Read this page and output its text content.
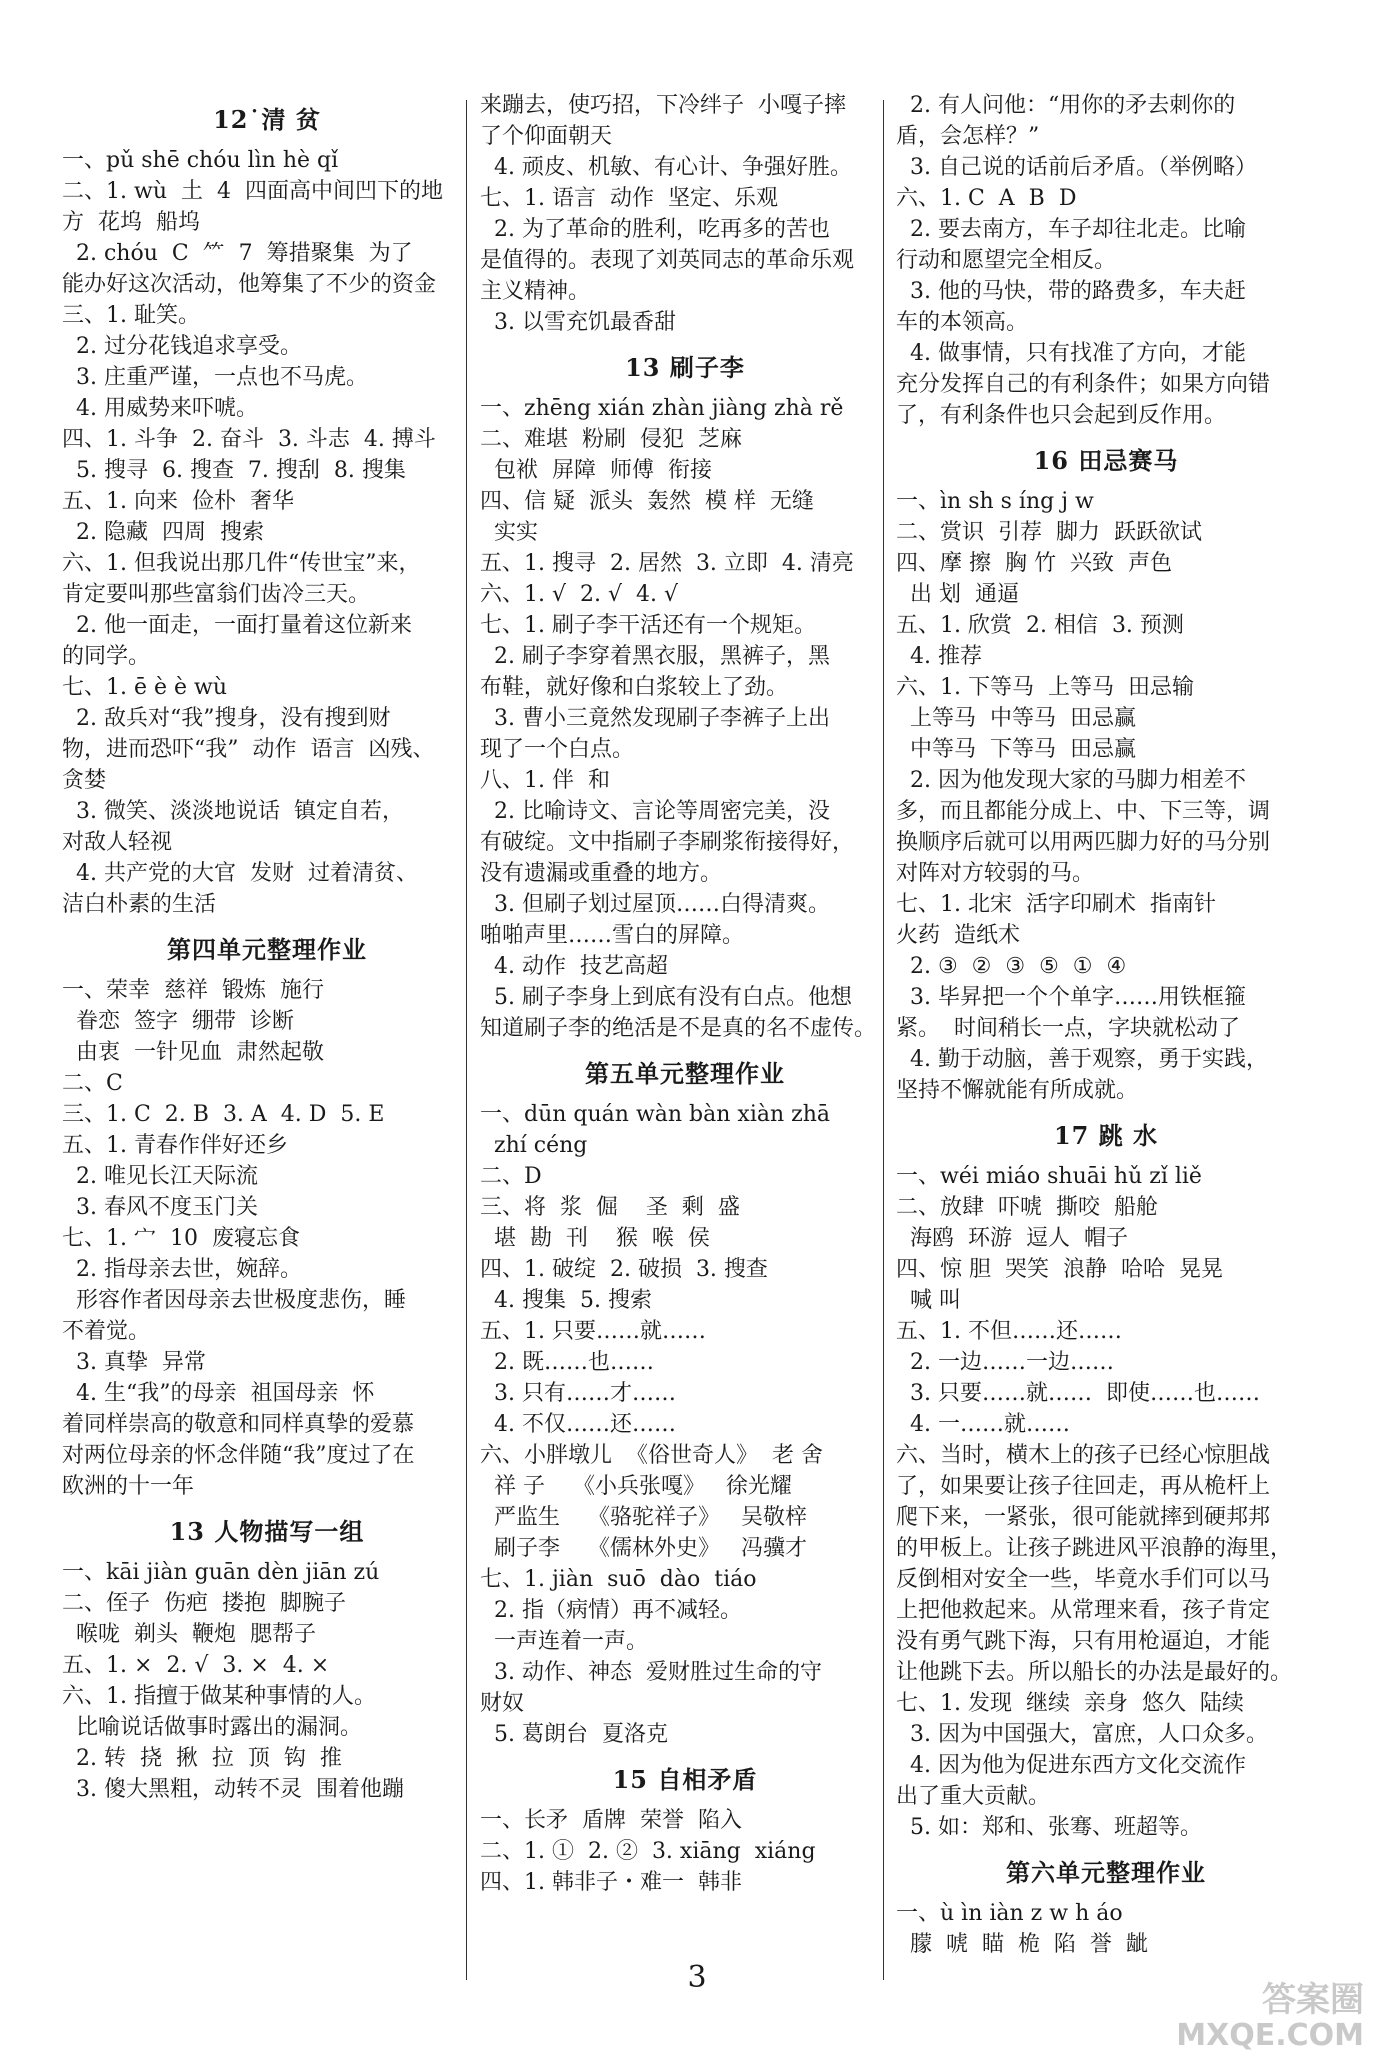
12˙清 贫
一、pǔ shē chóu lìn hè qǐ
二、1. wù  土  4  四面高中间凹下的地
方  花坞  船坞
2. chóu  C  ⺮  7  筹措聚集  为了
能办好这次活动，他筹集了不少的资金
三、1. 耻笑。
2. 过分花钱追求享受。
3. 庄重严谨，一点也不马虎。
4. 用威势来吓唬。
四、1. 斗争  2. 奋斗  3. 斗志  4. 搏斗
5. 搜寻  6. 搜查  7. 搜刮  8. 搜集
五、1. 向来  俭朴  奢华
2. 隐藏  四周  搜索
六、1. 但我说出那几件“传世宝”来，
肯定要叫那些富翁们齿冷三天。
2. 他一面走，一面打量着这位新来
的同学。
七、1. ē è è wù
2. 敌兵对“我”搜身，没有搜到财
物，进而恐吓“我”  动作  语言  凶残、
贪婪
3. 微笑、淡淡地说话  镇定自若，
对敌人轻视
4. 共产党的大官  发财  过着清贫、
洁白朴素的生活
第四单元整理作业
一、荣幸  慈祥  锻炼  施行
眷恋  签字  绷带  诊断
由衷  一针见血  肃然起敬
二、C
三、1. C  2. B  3. A  4. D  5. E
五、1. 青春作伴好还乡
2. 唯见长江天际流
3. 春风不度玉门关
七、1. 宀  10  废寝忘食
2. 指母亲去世，婉辞。
形容作者因母亲去世极度悲伤，睡
不着觉。
3. 真挚  异常
4. 生“我”的母亲  祖国母亲  怀
着同样崇高的敬意和同样真挚的爱慕
对两位母亲的怀念伴随“我”度过了在
欧洲的十一年
13 人物描写一组
一、kāi jiàn guān dèn jiān zú
二、侄子  伤疤  搂抱  脚腕子
喉咙  剃头  鞭炮  腮帮子
五、1. ×  2. √  3. ×  4. ×
六、1. 指擅于做某种事情的人。
比喻说话做事时露出的漏洞。
2. 转  挠  揪  拉  顶  钩  推
3. 傻大黑粗，动转不灵  围着他蹦
来蹦去，使巧招，下冷绊子  小嘎子摔
了个仰面朝天
4. 顽皮、机敏、有心计、争强好胜。
七、1. 语言  动作  坚定、乐观
2. 为了革命的胜利，吃再多的苦也
是值得的。表现了刘英同志的革命乐观
主义精神。
3. 以雪充饥最香甜
13 刷子李
一、zhēng xián zhàn jiàng zhà rě
二、难堪  粉刷  侵犯  芝麻
包袱  屏障  师傅  衔接
四、信 疑  派头  轰然  模 样  无缝
实实
五、1. 搜寻  2. 居然  3. 立即  4. 清亮
六、1. √  2. √  4. √
七、1. 刷子李干活还有一个规矩。
2. 刷子李穿着黑衣服，黑裤子，黑
布鞋，就好像和白浆较上了劲。
3. 曹小三竟然发现刷子李裤子上出
现了一个白点。
八、1. 伴  和
2. 比喻诗文、言论等周密完美，没
有破绽。文中指刷子李刷浆衔接得好，
没有遗漏或重叠的地方。
3. 但刷子划过屋顶……白得清爽。
啪啪声里……雪白的屏障。
4. 动作  技艺高超
5. 刷子李身上到底有没有白点。他想
知道刷子李的绝活是不是真的名不虚传。
第五单元整理作业
一、dūn quán wàn bàn xiàn zhā
zhí céng
二、D
三、将  浆  倔    圣  剩  盛
堪  勘  刊    猴  喉  侯
四、1. 破绽  2. 破损  3. 搜查
4. 搜集  5. 搜索
五、1. 只要……就……
2. 既……也……
3. 只有……才……
4. 不仅……还……
六、小胖墩儿  《俗世奇人》  老 舍
祥 子    《小兵张嘎》   徐光耀
严监生    《骆驼祥子》   吴敬梓
刷子李    《儒林外史》   冯骥才
七、1. jiàn  suō  dào  tiáo
2. 指（病情）再不减轻。
一声连着一声。
3. 动作、神态  爱财胜过生命的守
财奴
5. 葛朗台  夏洛克
15 自相矛盾
一、长矛  盾牌  荣誉  陷入
二、1. ①  2. ②  3. xiāng  xiáng
四、1. 韩非子・难一  韩非
2. 有人问他：“用你的矛去刺你的
盾，会怎样？”
3. 自己说的话前后矛盾。（举例略）
六、1. C  A  B  D
2. 要去南方，车子却往北走。比喻
行动和愿望完全相反。
3. 他的马快，带的路费多，车夫赶
车的本领高。
4. 做事情，只有找准了方向，才能
充分发挥自己的有利条件；如果方向错
了，有利条件也只会起到反作用。
16 田忌赛马
一、ìn sh s íng j w
二、赏识  引荐  脚力  跃跃欲试
四、摩 擦  胸 竹  兴致  声色
出 划  通逼
五、1. 欣赏  2. 相信  3. 预测
4. 推荐
六、1. 下等马  上等马  田忌输
上等马  中等马  田忌赢
中等马  下等马  田忌赢
2. 因为他发现大家的马脚力相差不
多，而且都能分成上、中、下三等，调
换顺序后就可以用两匹脚力好的马分别
对阵对方较弱的马。
七、1. 北宋  活字印刷术  指南针
火药  造纸术
2. ③  ②  ③  ⑤  ①  ④
3. 毕昇把一个个单字……用铁框箍
紧。  时间稍长一点，字块就松动了
4. 勤于动脑，善于观察，勇于实践，
坚持不懈就能有所成就。
17 跳 水
一、wéi miáo shuāi hǔ zǐ liě
二、放肆  吓唬  撕咬  船舱
海鸥  环游  逗人  帽子
四、惊 胆  哭笑  浪静  哈哈  晃晃
喊 叫
五、1. 不但……还……
2. 一边……一边……
3. 只要……就……  即使……也……
4. 一……就……
六、当时，横木上的孩子已经心惊胆战
了，如果要让孩子往回走，再从桅杆上
爬下来，一紧张，很可能就摔到硬邦邦
的甲板上。让孩子跳进风平浪静的海里，
反倒相对安全一些，毕竟水手们可以马
上把他救起来。从常理来看，孩子肯定
没有勇气跳下海，只有用枪逼迫，才能
让他跳下去。所以船长的办法是最好的。
七、1. 发现  继续  亲身  悠久  陆续
3. 因为中国强大，富庶，人口众多。
4. 因为他为促进东西方文化交流作
出了重大贡献。
5. 如：郑和、张骞、班超等。
第六单元整理作业
一、ù ìn iàn z w h áo
朦  唬  瞄  桅  陷  誉  龇
3
答案圈
MXQE.COM
